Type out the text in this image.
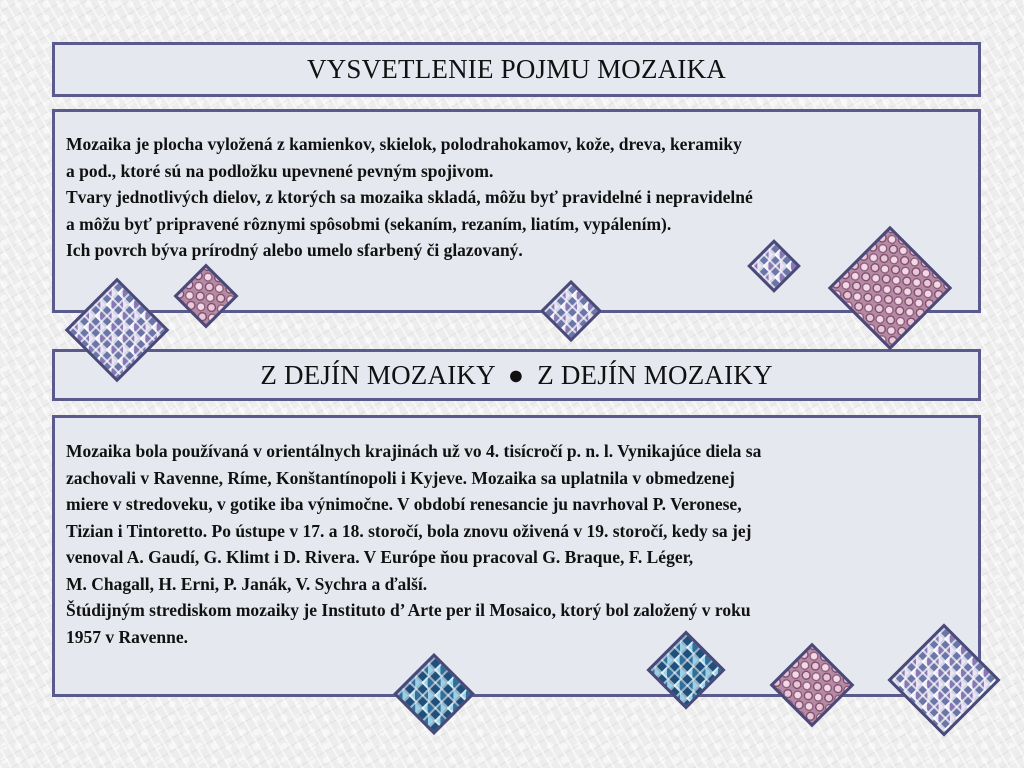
VYSVETLENIE POJMU MOZAIKA
Mozaika je plocha vyložená z kamienkov, skielok, polodrahokamov, kože, dreva, keramiky
a pod., ktoré sú na podložku upevnené pevným spojivom.
Tvary jednotlivých dielov, z ktorých sa mozaika skladá, môžu byť pravidelné i nepravidelné
a môžu byť pripravené rôznymi spôsobmi (sekaním, rezaním, liatím, vypálením).
Ich povrch býva prírodný alebo umelo sfarbený či glazovaný.
Z DEJÍN MOZAIKY ● Z DEJÍN MOZAIKY
Mozaika bola používaná v orientálnych krajinách už vo 4. tisícročí p. n. l. Vynikajúce diela sa
zachovali v Ravenne, Ríme, Konštantínopoli i Kyjeve. Mozaika sa uplatnila v obmedzenej
miere v stredoveku, v gotike iba výnimočne. V období renesancie ju navrhoval P. Veronese,
Tizian i Tintoretto. Po ústupe v 17. a 18. storočí, bola znovu oživená v 19. storočí, kedy sa jej
venoval A. Gaudí, G. Klimt i D. Rivera. V Európe ňou pracoval G. Braque, F. Léger,
M. Chagall, H. Erni, P. Janák, V. Sychra a ďalší.
Štúdijným strediskom mozaiky je Instituto d’ Arte per il Mosaico, ktorý bol založený v roku
1957 v Ravenne.
